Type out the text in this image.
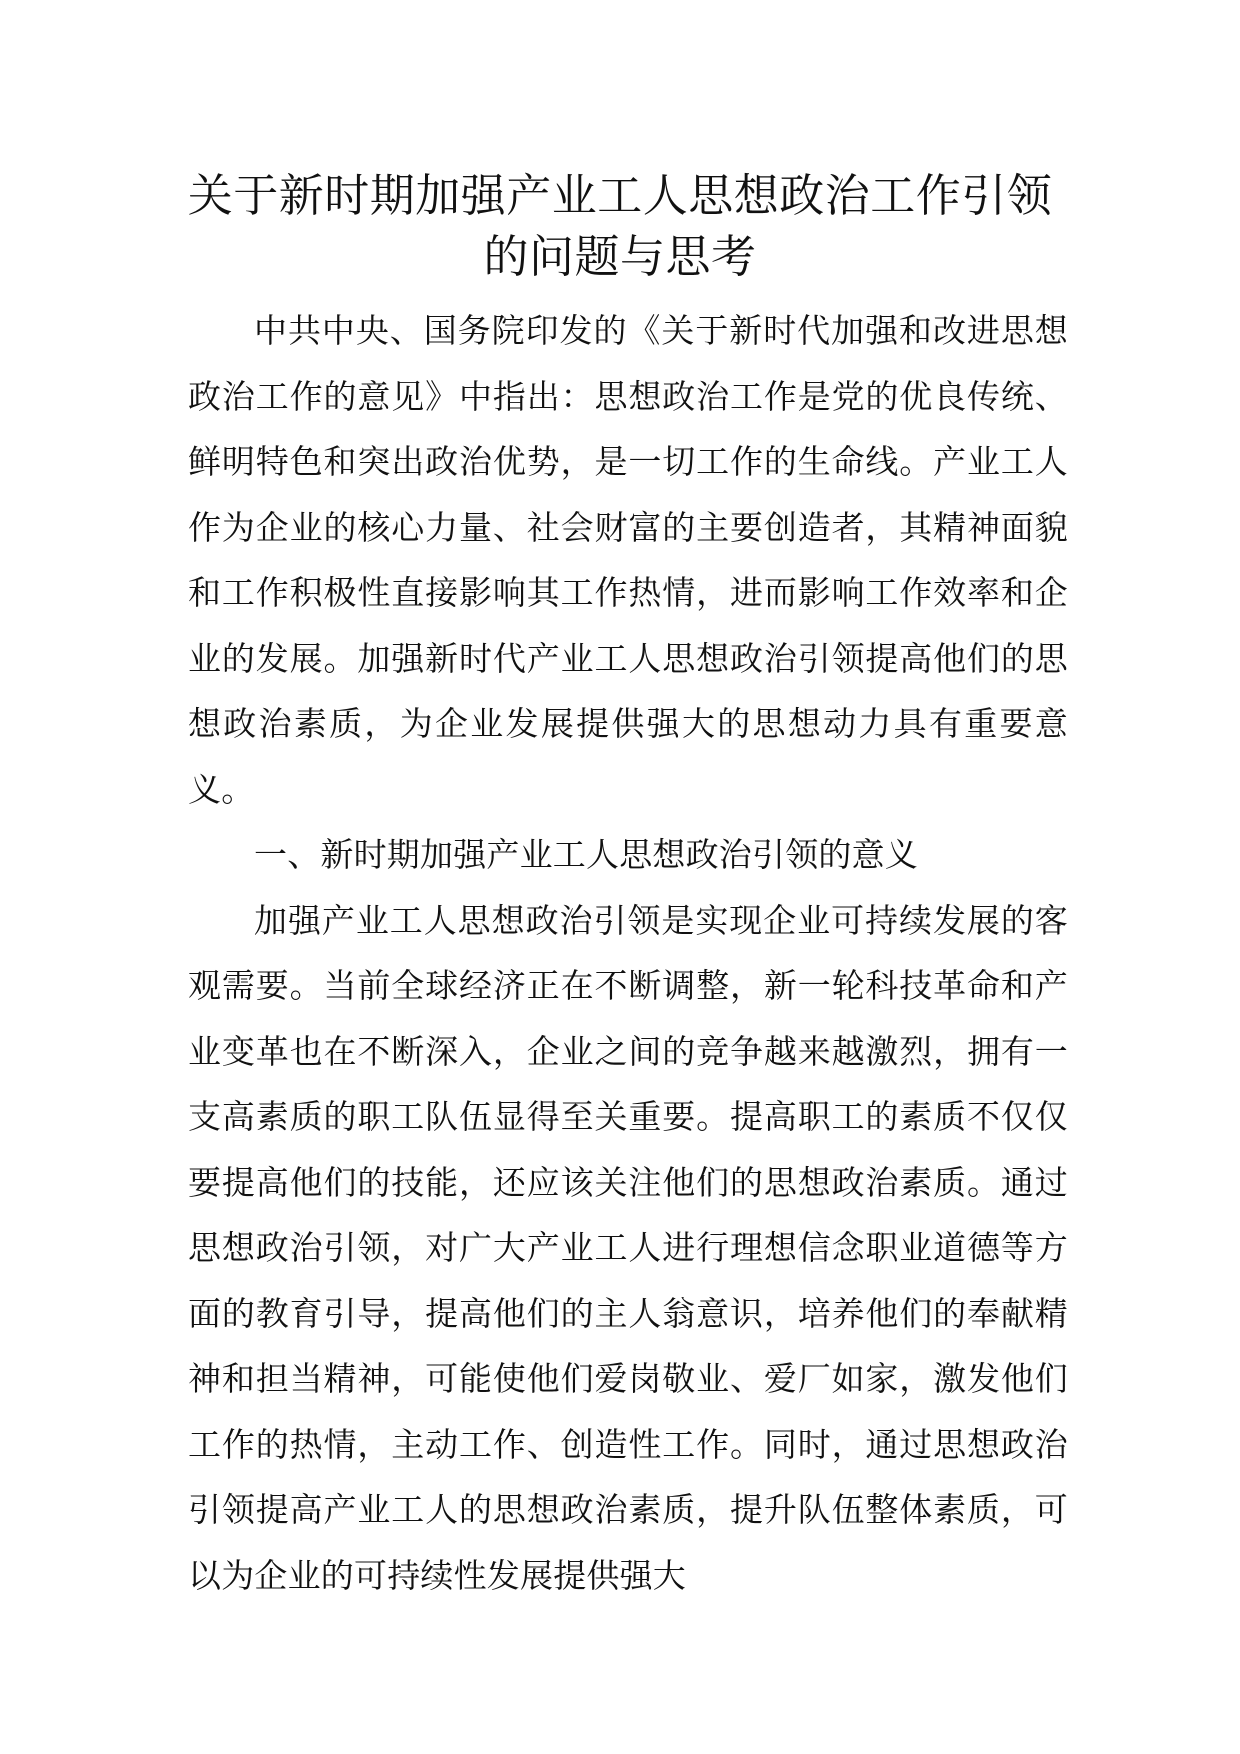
关于新时期加强产业工人思想政治工作引领的问题与思考

中共中央、国务院印发的《关于新时代加强和改进思想政治工作的意见》中指出：思想政治工作是党的优良传统、鲜明特色和突出政治优势，是一切工作的生命线。产业工人作为企业的核心力量、社会财富的主要创造者，其精神面貌和工作积极性直接影响其工作热情，进而影响工作效率和企业的发展。加强新时代产业工人思想政治引领提高他们的思想政治素质，为企业发展提供强大的思想动力具有重要意义。

一、新时期加强产业工人思想政治引领的意义

加强产业工人思想政治引领是实现企业可持续发展的客观需要。当前全球经济正在不断调整，新一轮科技革命和产业变革也在不断深入，企业之间的竞争越来越激烈，拥有一支高素质的职工队伍显得至关重要。提高职工的素质不仅仅要提高他们的技能，还应该关注他们的思想政治素质。通过思想政治引领，对广大产业工人进行理想信念职业道德等方面的教育引导，提高他们的主人翁意识，培养他们的奉献精神和担当精神，可能使他们爱岗敬业、爱厂如家，激发他们工作的热情，主动工作、创造性工作。同时，通过思想政治引领提高产业工人的思想政治素质，提升队伍整体素质，可以为企业的可持续性发展提供强大
